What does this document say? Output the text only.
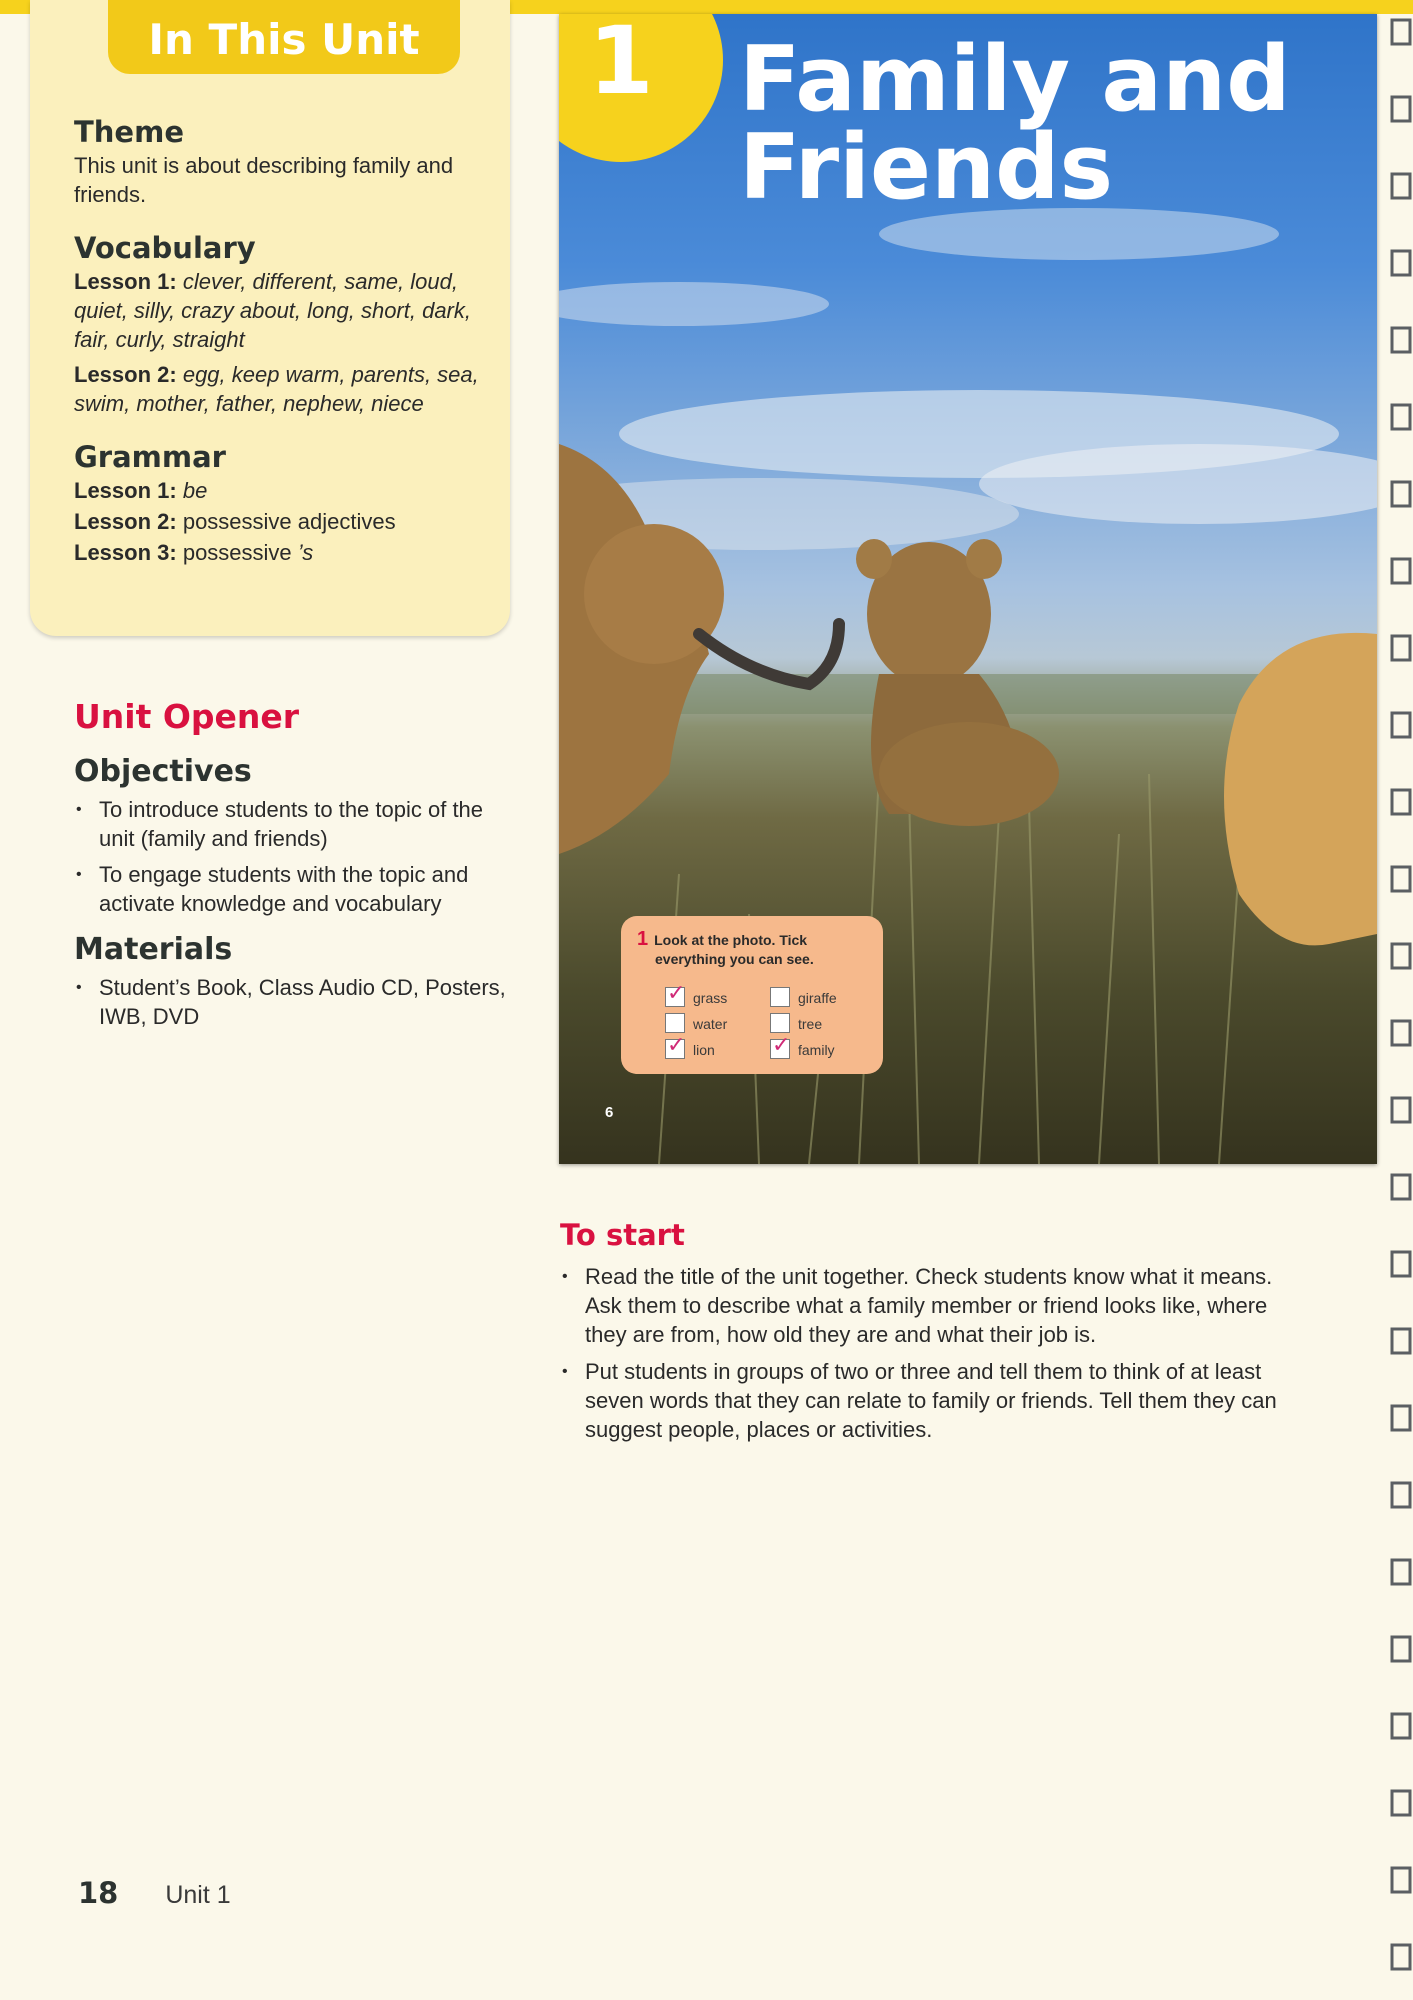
In This Unit
Theme

This unit is about describing family and friends.

Vocabulary

Lesson 1: clever, different, same, loud, quiet, silly, crazy about, long, short, dark, fair, curly, straight

Lesson 2: egg, keep warm, parents, sea, swim, mother, father, nephew, niece

Grammar

Lesson 1: be

Lesson 2: possessive adjectives

Lesson 3: possessive ’s

Unit Opener
Objectives
• To introduce students to the topic of the unit (family and friends)
• To engage students with the topic and activate knowledge and vocabulary
Materials
• Student’s Book, Class Audio CD, Posters, IWB, DVD
1 Family and
Friends
1 Look at the photo. Tick
everything you can see.
✓ grass	giraffe
water	tree
✓ lion	✓ family
6
To start
• Read the title of the unit together. Check students know what it means. Ask them to describe what a family member or friend looks like, where they are from, how old they are and what their job is.
• Put students in groups of two or three and tell them to think of at least seven words that they can relate to family or friends. Tell them they can suggest people, places or activities.
18 Unit 1
